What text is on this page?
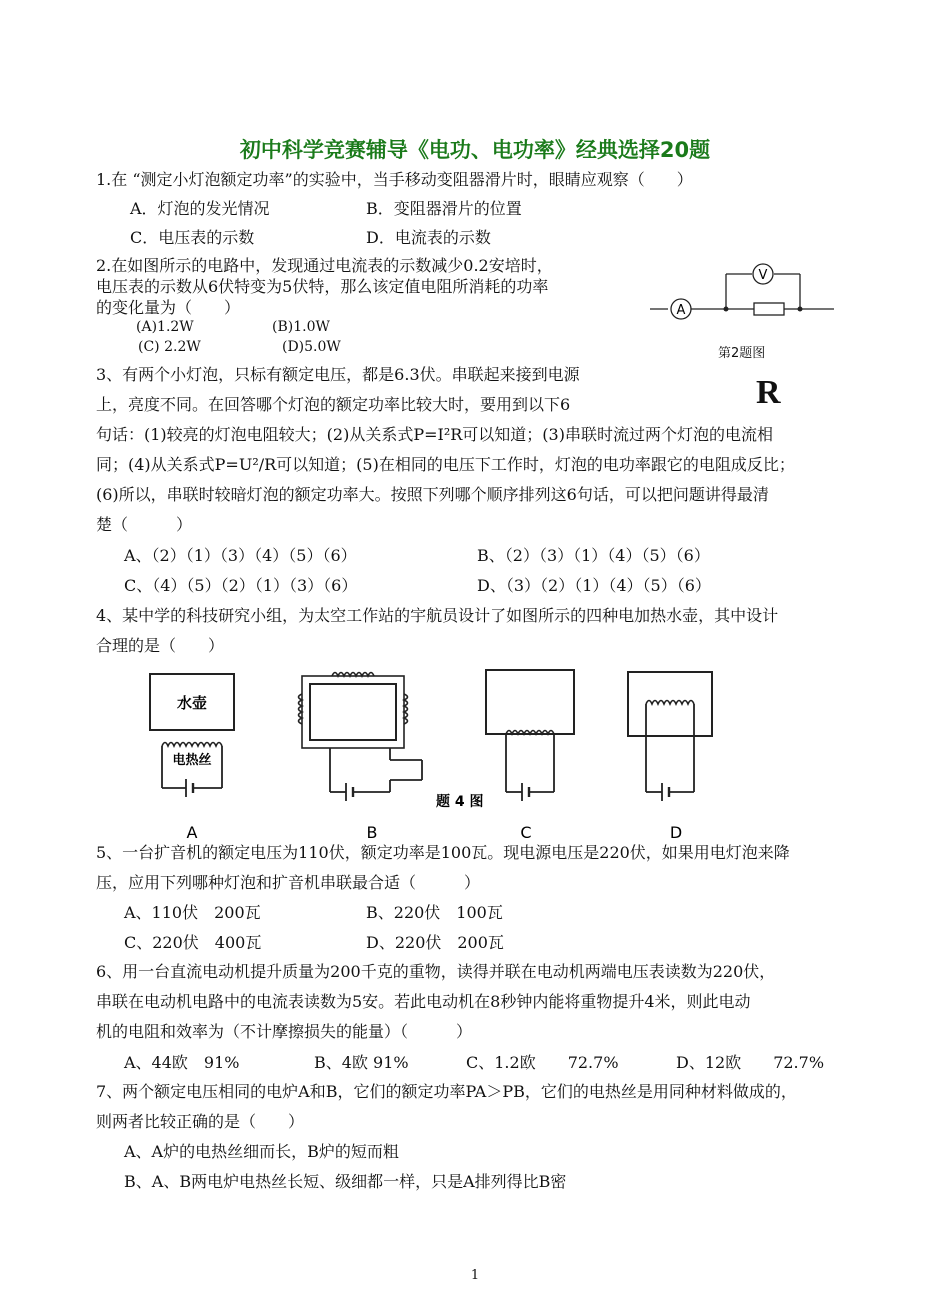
初中科学竞赛辅导《电功、电功率》经典选择20题
1.在 “测定小灯泡额定功率”的实验中，当手移动变阻器滑片时，眼睛应观察（　　）
A．灯泡的发光情况	B．变阻器滑片的位置
C．电压表的示数	D．电流表的示数
2.在如图所示的电路中，发现通过电流表的示数减少0.2安培时，
电压表的示数从6伏特变为5伏特，那么该定值电阻所消耗的功率
的变化量为（　　）
(A)1.2W	(B)1.0W
(C) 2.2W	(D)5.0W
A
V
第2题图
R
3、有两个小灯泡，只标有额定电压，都是6.3伏。串联起来接到电源
上，亮度不同。在回答哪个灯泡的额定功率比较大时，要用到以下6
句话：(1)较亮的灯泡电阻较大；(2)从关系式P=I²R可以知道；(3)串联时流过两个灯泡的电流相
同；(4)从关系式P=U²/R可以知道；(5)在相同的电压下工作时，灯泡的电功率跟它的电阻成反比；
(6)所以，串联时较暗灯泡的额定功率大。按照下列哪个顺序排列这6句话，可以把问题讲得最清
楚（　　　）
A、（2）（1）（3）（4）（5）（6）	B、（2）（3）（1）（4）（5）（6）
C、（4）（5）（2）（1）（3）（6）	D、（3）（2）（1）（4）（5）（6）
4、某中学的科技研究小组，为太空工作站的宇航员设计了如图所示的四种电加热水壶，其中设计
合理的是（　　）
水壶
电热丝
A	B
题 4 图
C	D
5、一台扩音机的额定电压为110伏，额定功率是100瓦。现电源电压是220伏，如果用电灯泡来降
压，应用下列哪种灯泡和扩音机串联最合适（　　　）
A、110伏　200瓦	B、220伏　100瓦
C、220伏　400瓦	D、220伏　200瓦
6、用一台直流电动机提升质量为200千克的重物，读得并联在电动机两端电压表读数为220伏，
串联在电动机电路中的电流表读数为5安。若此电动机在8秒钟内能将重物提升4米，则此电动
机的电阻和效率为（不计摩擦损失的能量）（　　　）
A、44欧　91%	B、4欧 91%	C、1.2欧　　72.7%	D、12欧　　72.7%
7、两个额定电压相同的电炉A和B，它们的额定功率PA＞PB，它们的电热丝是用同种材料做成的，
则两者比较正确的是（　　）
A、A炉的电热丝细而长，B炉的短而粗
B、A、B两电炉电热丝长短、级细都一样，只是A排列得比B密
1
